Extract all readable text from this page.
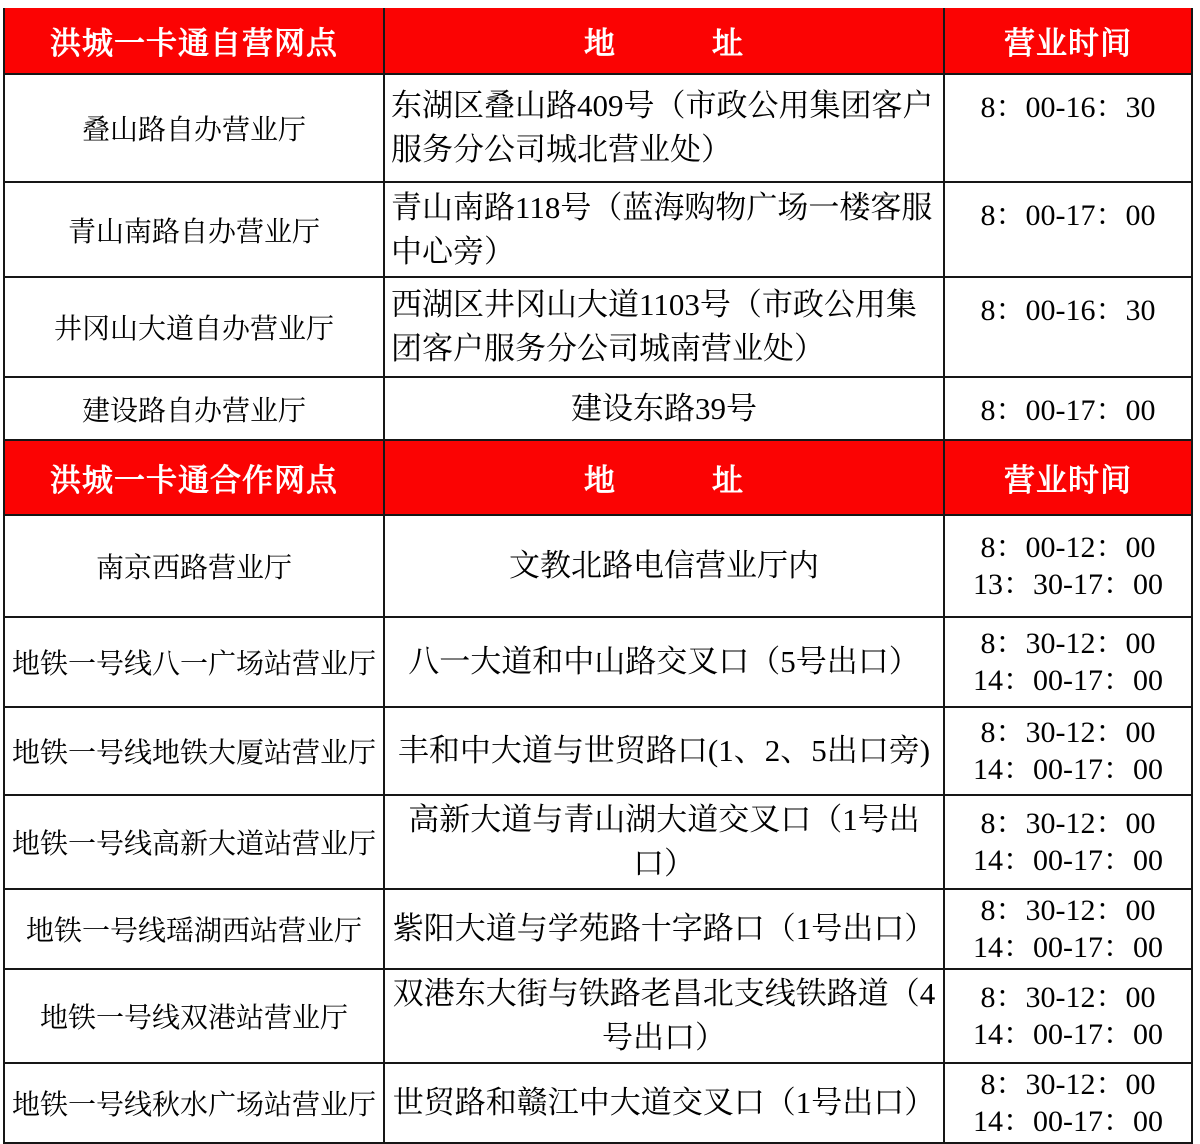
洪城一卡通自营网点	地　　　址	营业时间
叠山路自办营业厅	东湖区叠山路409号（市政公用集团客户服务分公司城北营业处）	8：00-16：30

青山南路自办营业厅	青山南路118号（蓝海购物广场一楼客服中心旁）	8：00-17：00

井冈山大道自办营业厅	西湖区井冈山大道1103号（市政公用集团客户服务分公司城南营业处）	8：00-16：30

建设路自办营业厅	建设东路39号	8：00-17：00

洪城一卡通合作网点	地　　　址	营业时间
南京西路营业厅	文教北路电信营业厅内	8：00-12：00
13：30-17：00

地铁一号线八一广场站营业厅	八一大道和中山路交叉口（5号出口）	8：30-12：00
14：00-17：00

地铁一号线地铁大厦站营业厅	丰和中大道与世贸路口(1、2、5出口旁)	8：30-12：00
14：00-17：00

地铁一号线高新大道站营业厅	高新大道与青山湖大道交叉口（1号出口）	8：30-12：00
14：00-17：00

地铁一号线瑶湖西站营业厅	紫阳大道与学苑路十字路口（1号出口）	8：30-12：00
14：00-17：00

地铁一号线双港站营业厅	双港东大街与铁路老昌北支线铁路道（4号出口）	8：30-12：00
14：00-17：00

地铁一号线秋水广场站营业厅	世贸路和赣江中大道交叉口（1号出口）	8：30-12：00
14：00-17：00
